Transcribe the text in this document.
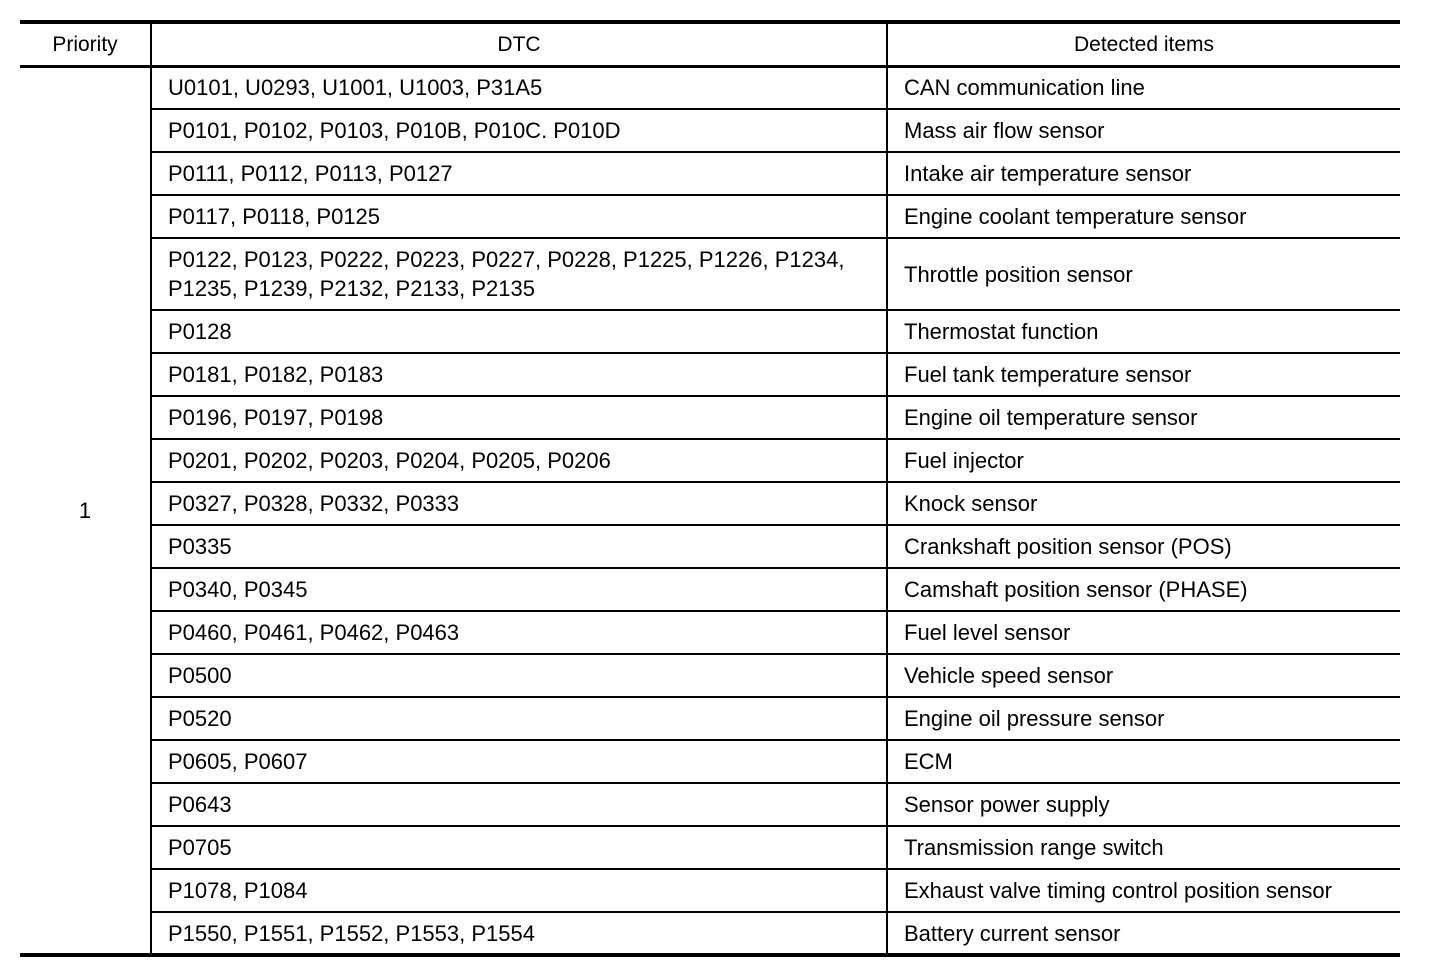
Priority	DTC	Detected items
1	U0101, U0293, U1001, U1003, P31A5	CAN communication line
	P0101, P0102, P0103, P010B, P010C. P010D	Mass air flow sensor
	P0111, P0112, P0113, P0127	Intake air temperature sensor
	P0117, P0118, P0125	Engine coolant temperature sensor
	P0122, P0123, P0222, P0223, P0227, P0228, P1225, P1226, P1234, P1235, P1239, P2132, P2133, P2135	Throttle position sensor
	P0128	Thermostat function
	P0181, P0182, P0183	Fuel tank temperature sensor
	P0196, P0197, P0198	Engine oil temperature sensor
	P0201, P0202, P0203, P0204, P0205, P0206	Fuel injector
	P0327, P0328, P0332, P0333	Knock sensor
	P0335	Crankshaft position sensor (POS)
	P0340, P0345	Camshaft position sensor (PHASE)
	P0460, P0461, P0462, P0463	Fuel level sensor
	P0500	Vehicle speed sensor
	P0520	Engine oil pressure sensor
	P0605, P0607	ECM
	P0643	Sensor power supply
	P0705	Transmission range switch
	P1078, P1084	Exhaust valve timing control position sensor
	P1550, P1551, P1552, P1553, P1554	Battery current sensor
